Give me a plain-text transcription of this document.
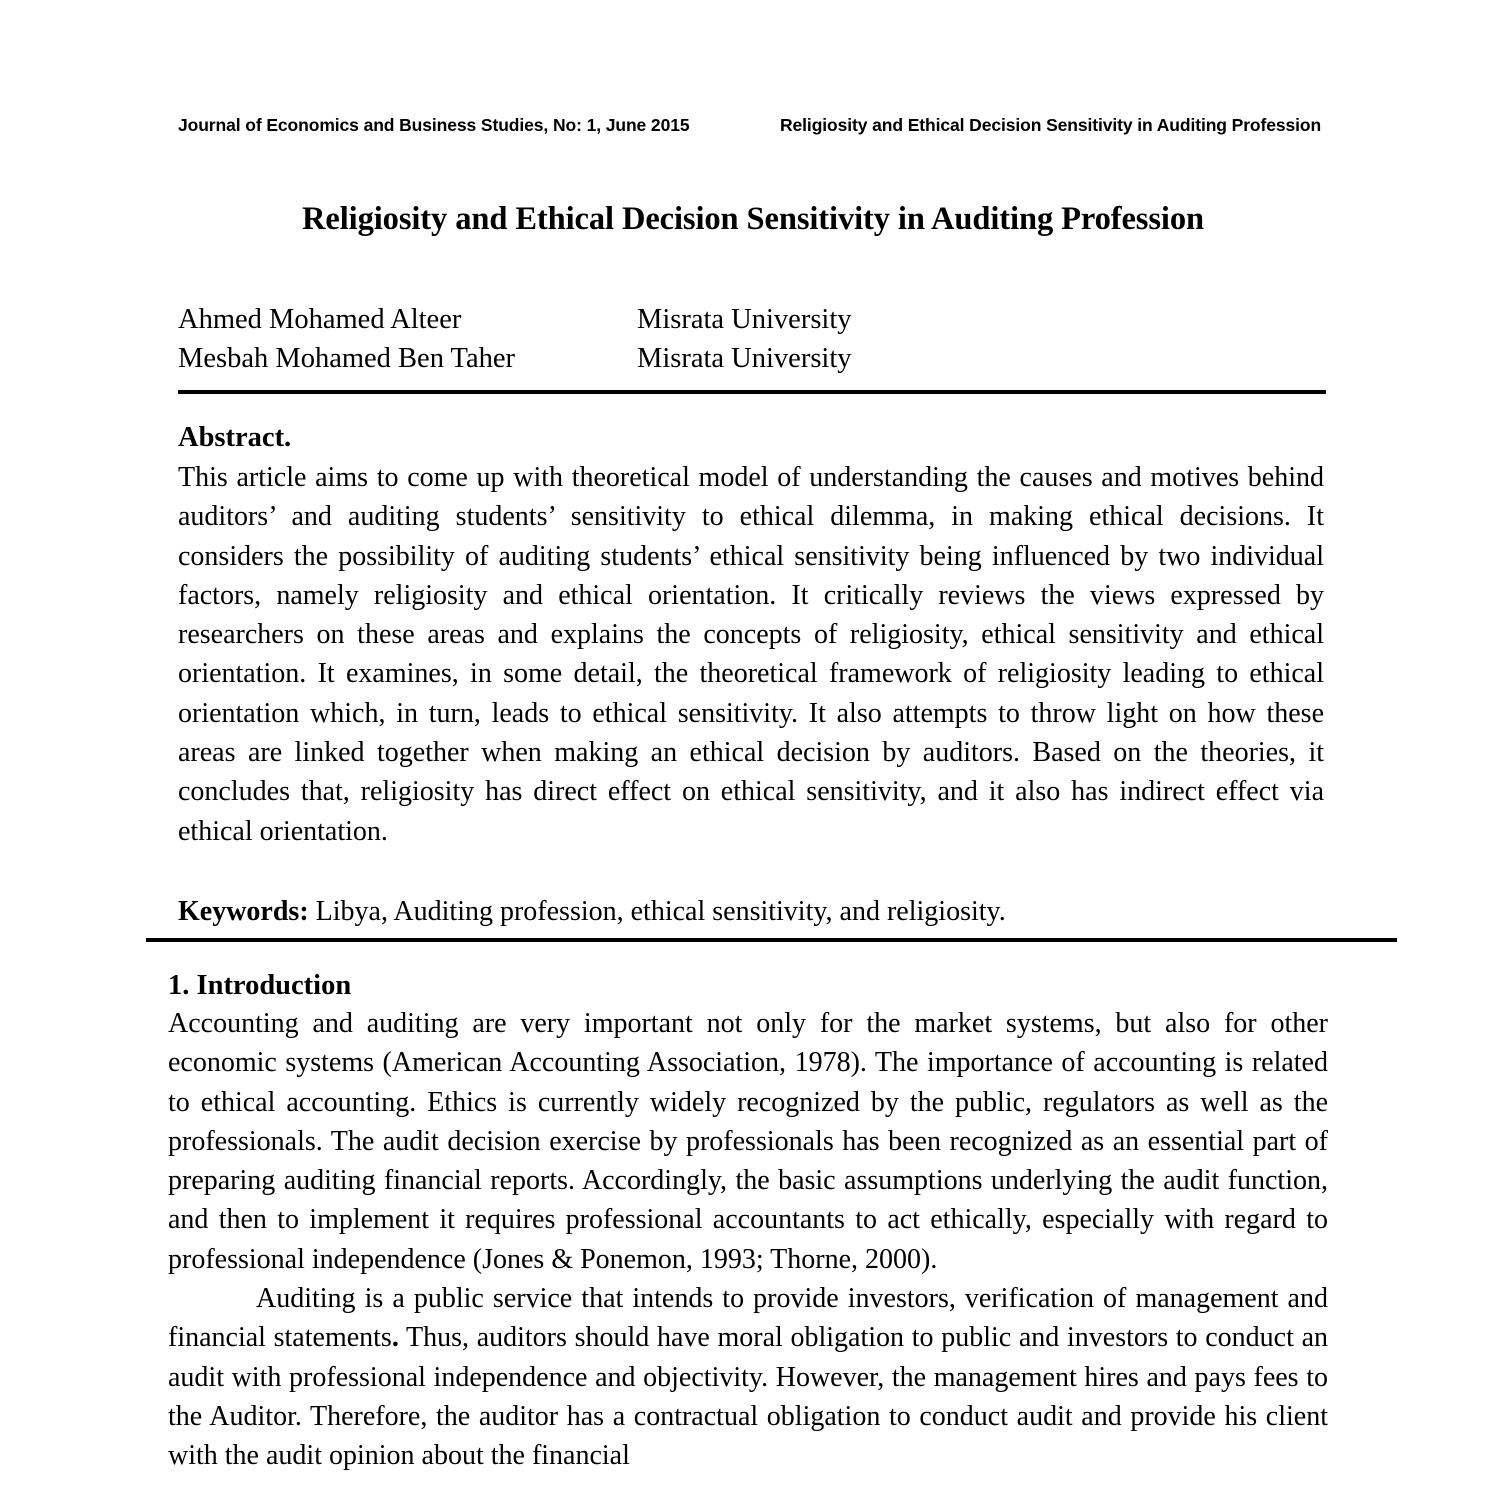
Journal of Economics and Business Studies, No: 1, June 2015	Religiosity and Ethical Decision Sensitivity in Auditing Profession
Religiosity and Ethical Decision Sensitivity in Auditing Profession
Ahmed Mohamed Alteer	Misrata University
Mesbah Mohamed Ben Taher	Misrata University
Abstract.

This article aims to come up with theoretical model of understanding the causes and motives behind auditors’ and auditing students’ sensitivity to ethical dilemma, in making ethical decisions. It considers the possibility of auditing students’ ethical sensitivity being influenced by two individual factors, namely religiosity and ethical orientation. It critically reviews the views expressed by researchers on these areas and explains the concepts of religiosity, ethical sensitivity and ethical orientation. It examines, in some detail, the theoretical framework of religiosity leading to ethical orientation which, in turn, leads to ethical sensitivity. It also attempts to throw light on how these areas are linked together when making an ethical decision by auditors. Based on the theories, it concludes that, religiosity has direct effect on ethical sensitivity, and it also has indirect effect via ethical orientation.

Keywords: Libya, Auditing profession, ethical sensitivity, and religiosity.
1. Introduction

Accounting and auditing are very important not only for the market systems, but also for other economic systems (American Accounting Association, 1978). The importance of accounting is related to ethical accounting. Ethics is currently widely recognized by the public, regulators as well as the professionals. The audit decision exercise by professionals has been recognized as an essential part of preparing auditing financial reports. Accordingly, the basic assumptions underlying the audit function, and then to implement it requires professional accountants to act ethically, especially with regard to professional independence (Jones & Ponemon, 1993; Thorne, 2000).

Auditing is a public service that intends to provide investors, verification of management and financial statements. Thus, auditors should have moral obligation to public and investors to conduct an audit with professional independence and objectivity. However, the management hires and pays fees to the Auditor. Therefore, the auditor has a contractual obligation to conduct audit and provide his client with the audit opinion about the financial
